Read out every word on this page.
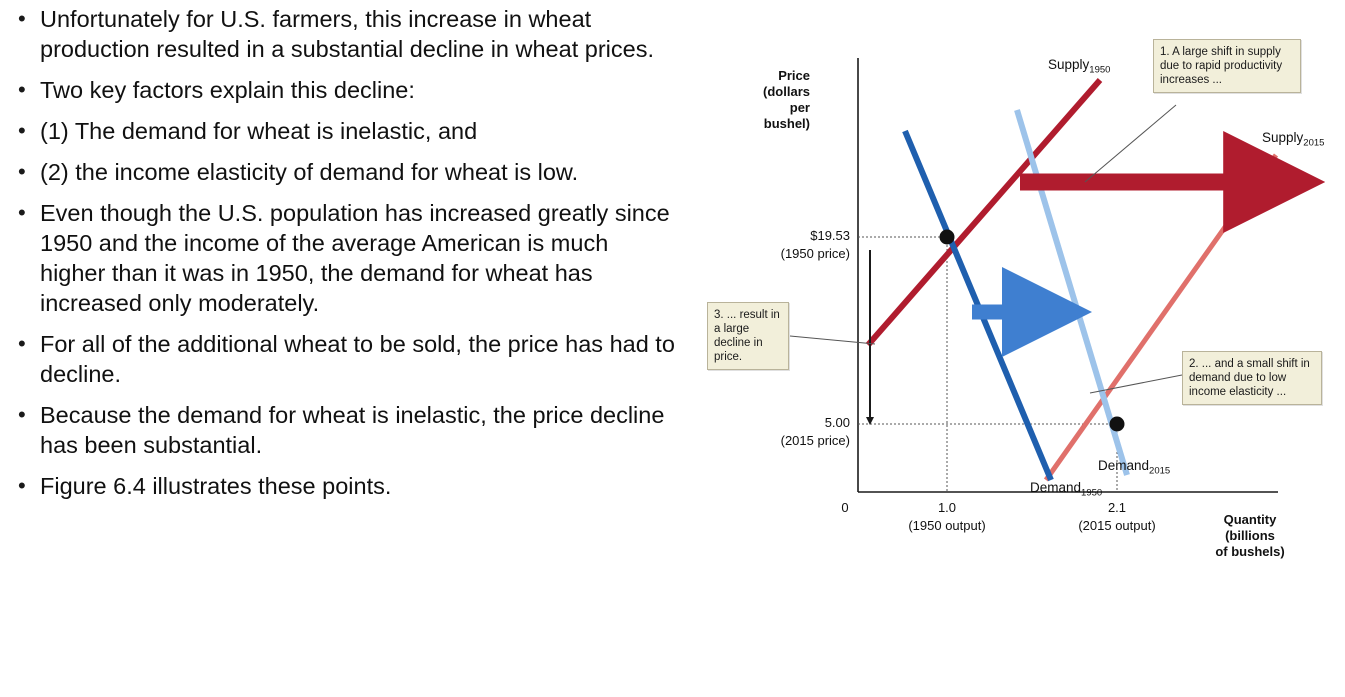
• Unfortunately for U.S. farmers, this increase in wheat production resulted in a substantial decline in wheat prices.
• Two key factors explain this decline:
• (1) The demand for wheat is inelastic, and
• (2) the income elasticity of demand for wheat is low.
• Even though the U.S. population has increased greatly since 1950 and the income of the average American is much higher than it was in 1950, the demand for wheat has increased only moderately.
• For all of the additional wheat to be sold, the price has had to decline.
• Because the demand for wheat is inelastic, the price decline has been substantial.
• Figure 6.4 illustrates these points.
1. A large shift in supply due to rapid productivity increases ...
2. ... and a small shift in demand due to low income elasticity ...
3. ... result in a large decline in price.
Price
(dollars
per
bushel)
Quantity
(billions
of bushels)
$19.53
(1950 price)
5.00
(2015 price)
0	1.0
(1950 output)
2.1
(2015 output)
Supply$_{1950}$
Supply$_{2015}$
Demand$_{1950}$
Demand$_{2015}$
